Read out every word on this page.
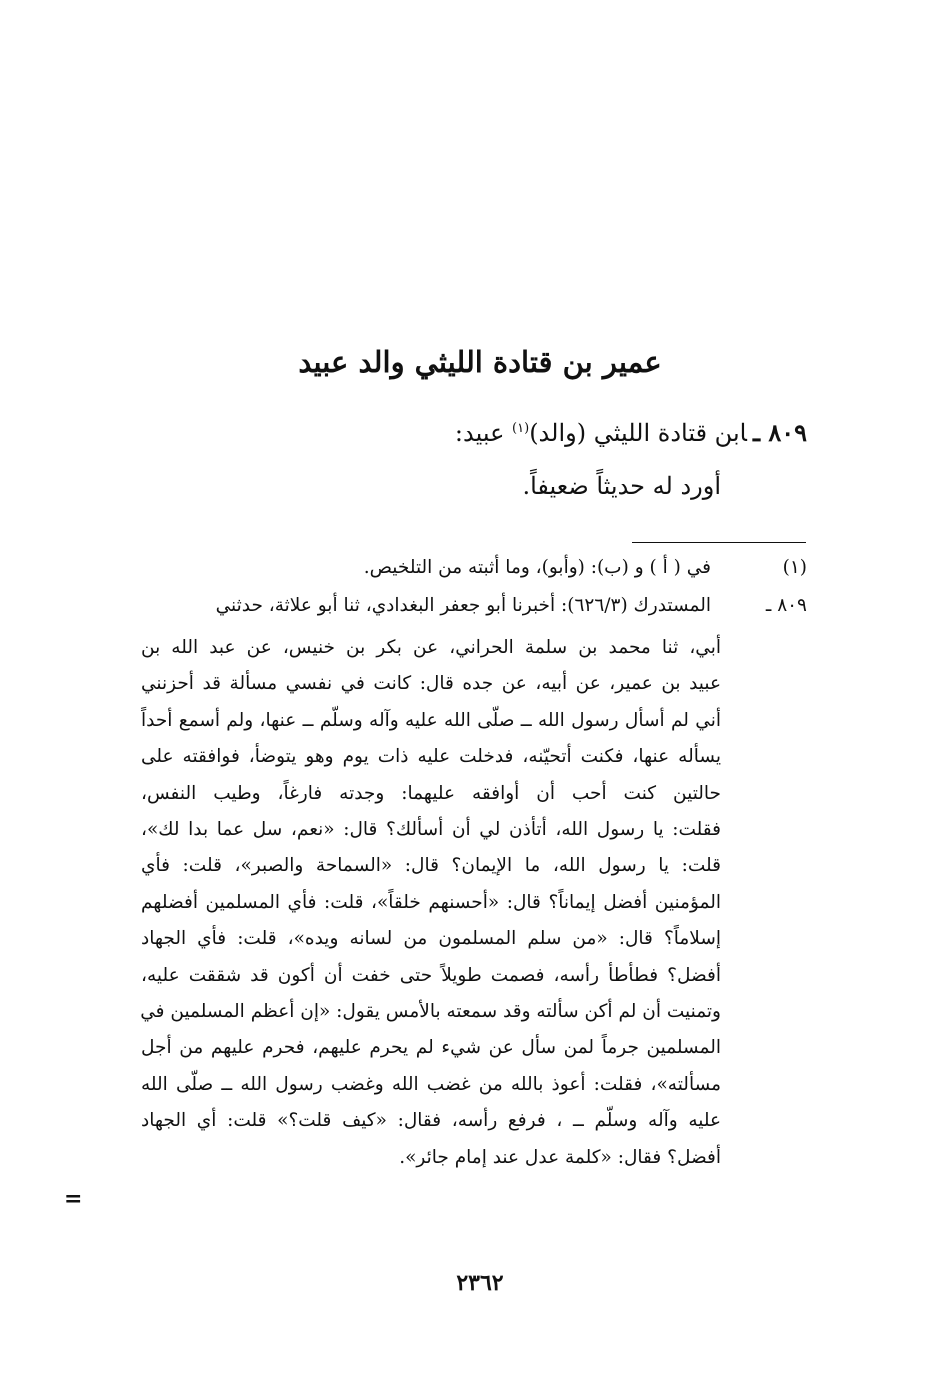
عمير بن قتادة الليثي والد عبيد
٨٠٩ ـابن قتادة الليثي (والد)$^{(١)}$ عبيد:
أورد له حديثاً ضعيفاً.
(١)في ( أ ) و (ب): (وأبو)، وما أثبته من التلخيص.
٨٠٩ ـالمستدرك (٦٢٦/٣): أخبرنا أبو جعفر البغدادي، ثنا أبو علاثة، حدثني
أبي، ثنا محمد بن سلمة الحراني، عن بكر بن خنيس، عن عبد الله بن
عبيد بن عمير، عن أبيه، عن جده قال: كانت في نفسي مسألة قد أحزنني
أني لم أسأل رسول الله ــ صلّى الله عليه وآله وسلّم ــ عنها، ولم أسمع أحداً
يسأله عنها، فكنت أتحيّنه، فدخلت عليه ذات يوم وهو يتوضأ، فوافقته على
حالتين كنت أحب أن أوافقه عليهما: وجدته فارغاً، وطيب النفس،
فقلت: يا رسول الله، أتأذن لي أن أسألك؟ قال: «نعم، سل عما بدا لك»،
قلت: يا رسول الله، ما الإيمان؟ قال: «السماحة والصبر»، قلت: فأي
المؤمنين أفضل إيماناً؟ قال: «أحسنهم خلقاً»، قلت: فأي المسلمين أفضلهم
إسلاماً؟ قال: «من سلم المسلمون من لسانه ويده»، قلت: فأي الجهاد
أفضل؟ فطأطأ رأسه، فصمت طويلاً حتى خفت أن أكون قد شققت عليه،
وتمنيت أن لم أكن سألته وقد سمعته بالأمس يقول: «إن أعظم المسلمين في
المسلمين جرماً لمن سأل عن شيء لم يحرم عليهم، فحرم عليهم من أجل
مسألته»، فقلت: أعوذ بالله من غضب الله وغضب رسول الله ــ صلّى الله
عليه وآله وسلّم ــ ، فرفع رأسه، فقال: «كيف قلت؟» قلت: أي الجهاد
أفضل؟ فقال: «كلمة عدل عند إمام جائر».
=
٢٣٦٢
